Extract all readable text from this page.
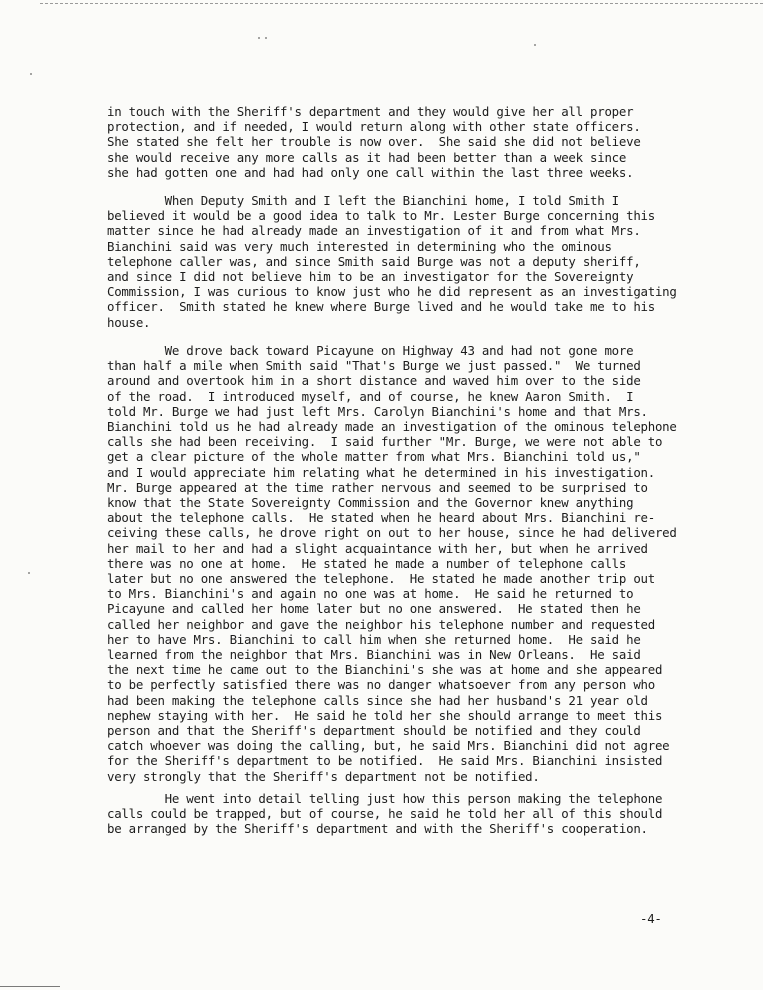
in touch with the Sheriff's department and they would give her all proper
protection, and if needed, I would return along with other state officers.
She stated she felt her trouble is now over.  She said she did not believe
she would receive any more calls as it had been better than a week since
she had gotten one and had had only one call within the last three weeks.

When Deputy Smith and I left the Bianchini home, I told Smith I
believed it would be a good idea to talk to Mr. Lester Burge concerning this
matter since he had already made an investigation of it and from what Mrs.
Bianchini said was very much interested in determining who the ominous
telephone caller was, and since Smith said Burge was not a deputy sheriff,
and since I did not believe him to be an investigator for the Sovereignty
Commission, I was curious to know just who he did represent as an investigating
officer.  Smith stated he knew where Burge lived and he would take me to his
house.

We drove back toward Picayune on Highway 43 and had not gone more
than half a mile when Smith said "That's Burge we just passed."  We turned
around and overtook him in a short distance and waved him over to the side
of the road.  I introduced myself, and of course, he knew Aaron Smith.  I
told Mr. Burge we had just left Mrs. Carolyn Bianchini's home and that Mrs.
Bianchini told us he had already made an investigation of the ominous telephone
calls she had been receiving.  I said further "Mr. Burge, we were not able to
get a clear picture of the whole matter from what Mrs. Bianchini told us,"
and I would appreciate him relating what he determined in his investigation.
Mr. Burge appeared at the time rather nervous and seemed to be surprised to
know that the State Sovereignty Commission and the Governor knew anything
about the telephone calls.  He stated when he heard about Mrs. Bianchini re-
ceiving these calls, he drove right on out to her house, since he had delivered
her mail to her and had a slight acquaintance with her, but when he arrived
there was no one at home.  He stated he made a number of telephone calls
later but no one answered the telephone.  He stated he made another trip out
to Mrs. Bianchini's and again no one was at home.  He said he returned to
Picayune and called her home later but no one answered.  He stated then he
called her neighbor and gave the neighbor his telephone number and requested
her to have Mrs. Bianchini to call him when she returned home.  He said he
learned from the neighbor that Mrs. Bianchini was in New Orleans.  He said
the next time he came out to the Bianchini's she was at home and she appeared
to be perfectly satisfied there was no danger whatsoever from any person who
had been making the telephone calls since she had her husband's 21 year old
nephew staying with her.  He said he told her she should arrange to meet this
person and that the Sheriff's department should be notified and they could
catch whoever was doing the calling, but, he said Mrs. Bianchini did not agree
for the Sheriff's department to be notified.  He said Mrs. Bianchini insisted
very strongly that the Sheriff's department not be notified.

He went into detail telling just how this person making the telephone
calls could be trapped, but of course, he said he told her all of this should
be arranged by the Sheriff's department and with the Sheriff's cooperation.

-4-
